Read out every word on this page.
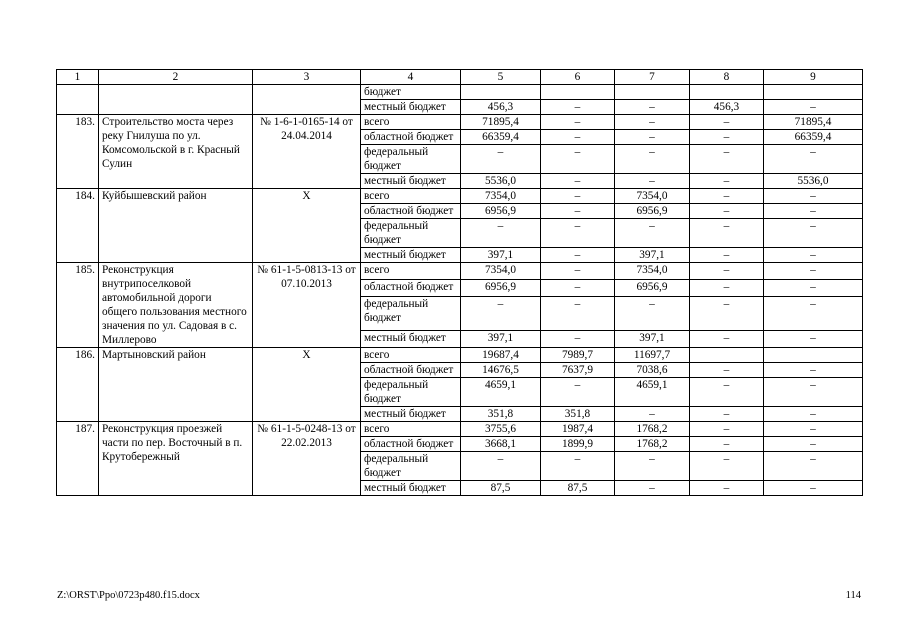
1	2	3	4	5	6	7	8	9
			бюджет					
			местный бюджет	456,3	–	–	456,3	–
183.	Строительство моста через реку Гнилуша по ул. Комсомольской в г. Красный Сулин	№ 1-6-1-0165-14 от 24.04.2014	всего	71895,4	–	–	–	71895,4
			областной бюджет	66359,4	–	–	–	66359,4
			федеральный бюджет	–	–	–	–	–
			местный бюджет	5536,0	–	–	–	5536,0
184.	Куйбышевский район	Х	всего	7354,0	–	7354,0	–	–
			областной бюджет	6956,9	–	6956,9	–	–
			федеральный бюджет	–	–	–	–	–
			местный бюджет	397,1	–	397,1	–	–
185.	Реконструкция внутрипоселковой автомобильной дороги общего пользования местного значения по ул. Садовая в с. Миллерово	№ 61-1-5-0813-13 от 07.10.2013	всего	7354,0	–	7354,0	–	–
			областной бюджет	6956,9	–	6956,9	–	–
			федеральный бюджет	–	–	–	–	–
			местный бюджет	397,1	–	397,1	–	–
186.	Мартыновский район	Х	всего	19687,4	7989,7	11697,7		
			областной бюджет	14676,5	7637,9	7038,6	–	–
			федеральный бюджет	4659,1	–	4659,1	–	–
			местный бюджет	351,8	351,8	–	–	–
187.	Реконструкция проезжей части по пер. Восточный в п. Крутобережный	№ 61-1-5-0248-13 от 22.02.2013	всего	3755,6	1987,4	1768,2	–	–
			областной бюджет	3668,1	1899,9	1768,2	–	–
			федеральный бюджет	–	–	–	–	–
			местный бюджет	87,5	87,5	–	–	–
Z:\ORST\Ppo\0723p480.f15.docx	114
